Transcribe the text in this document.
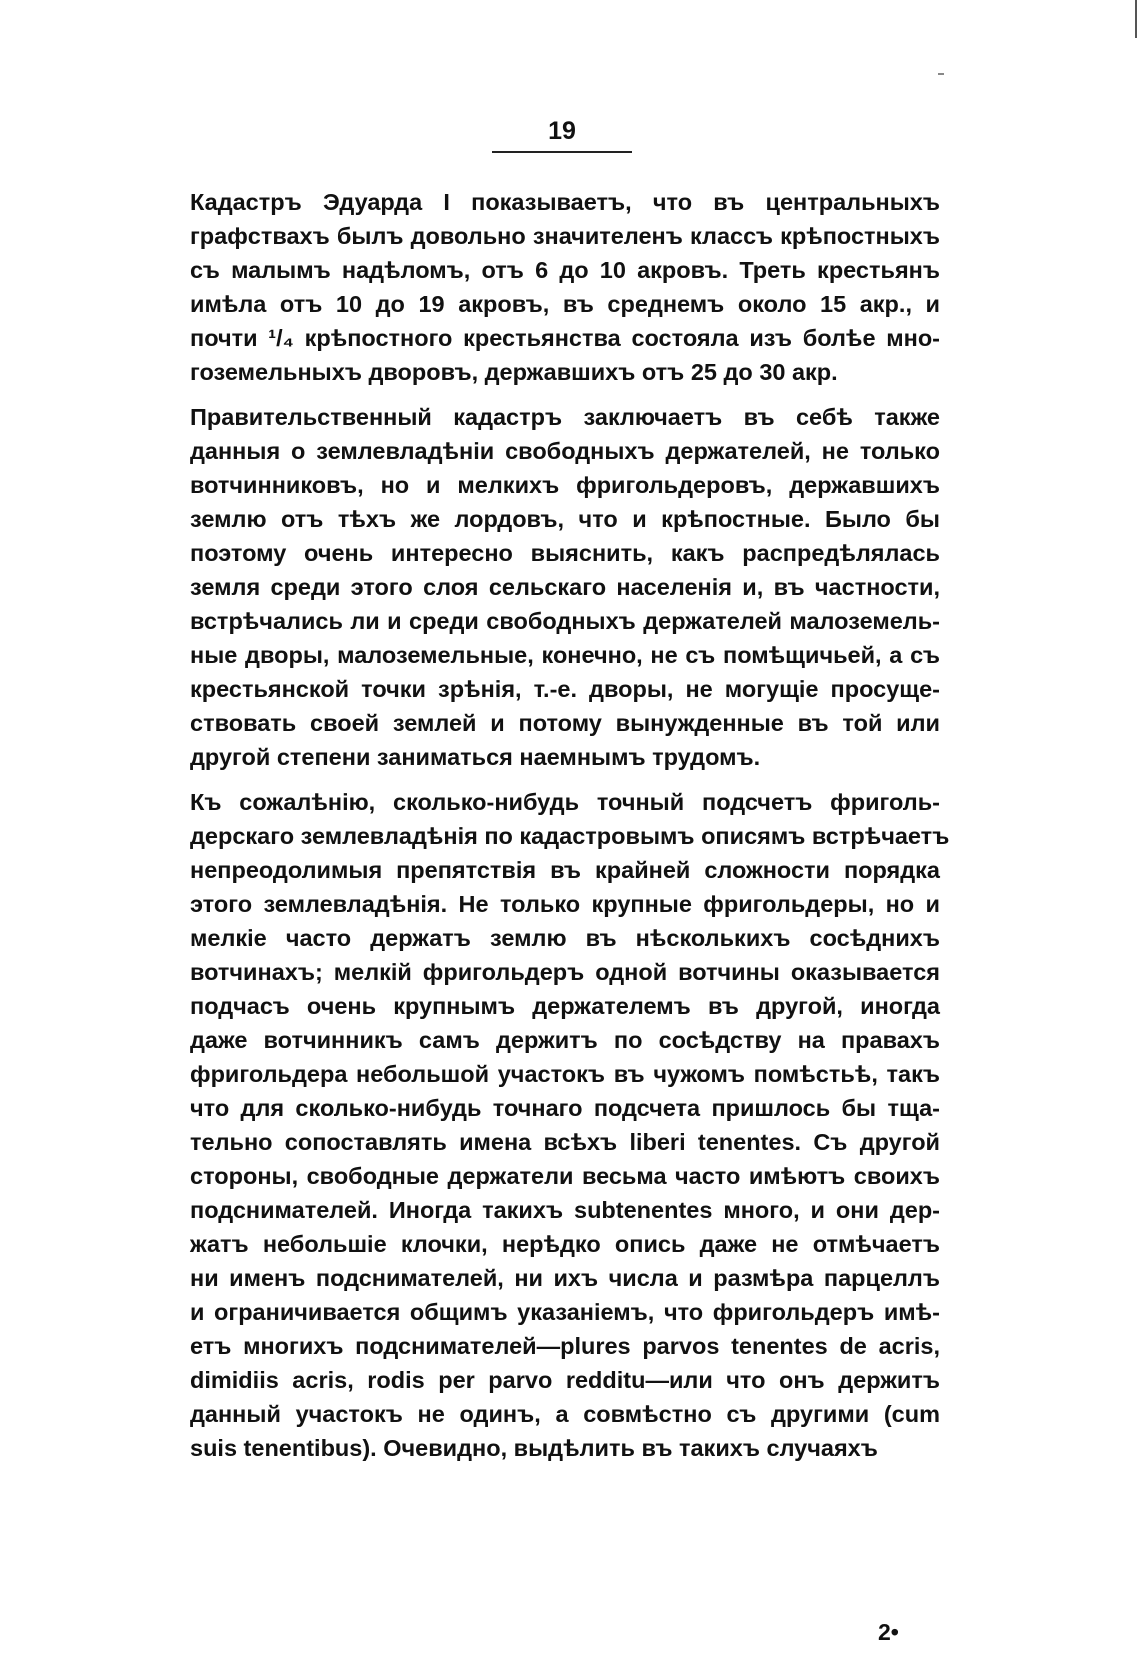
19
Кадастръ Эдуарда I показываетъ, что въ центральныхъ
графствахъ былъ довольно значителенъ классъ крѣпостныхъ
съ малымъ надѣломъ, отъ 6 до 10 акровъ. Треть крестьянъ
имѣла отъ 10 до 19 акровъ, въ среднемъ около 15 акр., и
почти ¹/₄ крѣпостного крестьянства состояла изъ болѣе мно-
гоземельныхъ дворовъ, державшихъ отъ 25 до 30 акр.
Правительственный кадастръ заключаетъ въ себѣ также
данныя о землевладѣніи свободныхъ держателей, не только
вотчинниковъ, но и мелкихъ фригольдеровъ, державшихъ
землю отъ тѣхъ же лордовъ, что и крѣпостные. Было бы
поэтому очень интересно выяснить, какъ распредѣлялась
земля среди этого слоя сельскаго населенія и, въ частности,
встрѣчались ли и среди свободныхъ держателей малоземель-
ные дворы, малоземельные, конечно, не съ помѣщичьей, а съ
крестьянской точки зрѣнія, т.-е. дворы, не могущіе просуще-
ствовать своей землей и потому вынужденные въ той или
другой степени заниматься наемнымъ трудомъ.
Къ сожалѣнію, сколько-нибудь точный подсчетъ фриголь-
дерскаго землевладѣнія по кадастровымъ описямъ встрѣчаетъ
непреодолимыя препятствія въ крайней сложности порядка
этого землевладѣнія. Не только крупные фригольдеры, но и
мелкіе часто держатъ землю въ нѣсколькихъ сосѣднихъ
вотчинахъ; мелкій фригольдеръ одной вотчины оказывается
подчасъ очень крупнымъ держателемъ въ другой, иногда
даже вотчинникъ самъ держитъ по сосѣдству на правахъ
фригольдера небольшой участокъ въ чужомъ помѣстьѣ, такъ
что для сколько-нибудь точнаго подсчета пришлось бы тща-
тельно сопоставлять имена всѣхъ liberi tenentes. Съ другой
стороны, свободные держатели весьма часто имѣютъ своихъ
подснимателей. Иногда такихъ subtenentes много, и они дер-
жатъ небольшіе клочки, нерѣдко опись даже не отмѣчаетъ
ни именъ подснимателей, ни ихъ числа и размѣра парцеллъ
и ограничивается общимъ указаніемъ, что фригольдеръ имѣ-
етъ многихъ подснимателей—plures parvos tenentes de acris,
dimidiis acris, rodis per parvo redditu—или что онъ держитъ
данный участокъ не одинъ, а совмѣстно съ другими (cum
suis tenentibus). Очевидно, выдѣлить въ такихъ случаяхъ
2•
